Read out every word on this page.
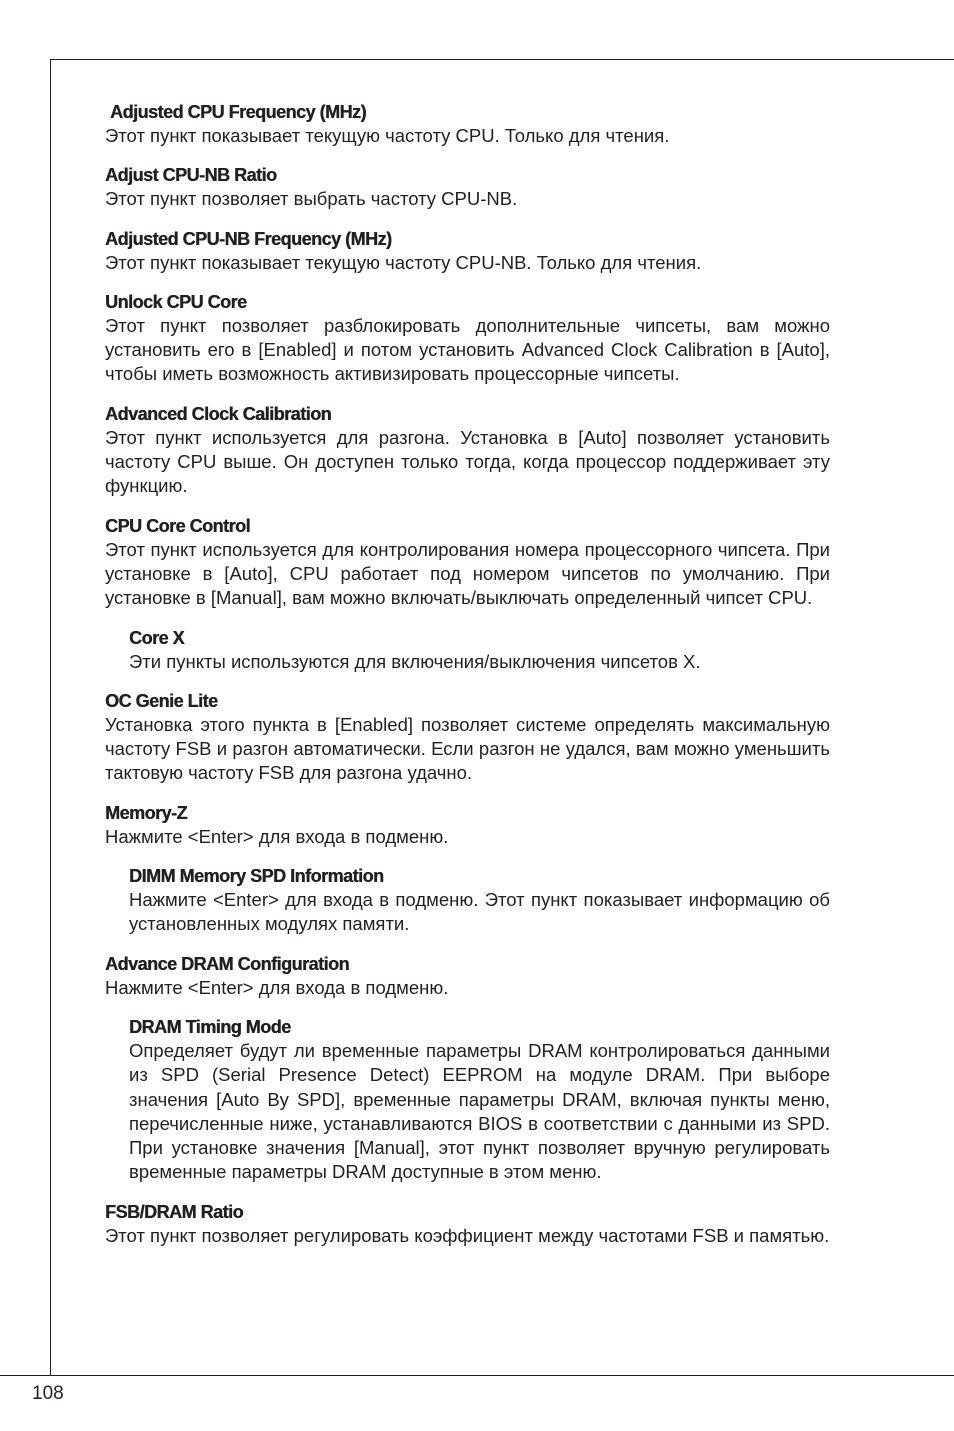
Adjusted CPU Frequency (MHz)

Этот пункт показывает текущую частоту CPU. Только для чтения.

Adjust CPU-NB Ratio

Этот пункт позволяет выбрать частоту CPU-NB.

Adjusted CPU-NB Frequency (MHz)

Этот пункт показывает текущую частоту CPU-NB. Только для чтения.

Unlock CPU Core

Этот пункт позволяет разблокировать дополнительные чипсеты, вам можно установить его в [Enabled] и потом установить Advanced Clock Calibration в [Auto], чтобы иметь возможность активизировать процессорные чипсеты.

Advanced Clock Calibration

Этот пункт используется для разгона. Установка в [Auto] позволяет установить частоту CPU выше. Он доступен только тогда, когда процессор поддерживает эту функцию.

CPU Core Control

Этот пункт используется для контролирования номера процессорного чипсета. При установке в [Auto], CPU работает под номером чипсетов по умолчанию. При установке в [Manual], вам можно включать/выключать определенный чипсет CPU.

Core X

Эти пункты используются для включения/выключения чипсетов X.

OC Genie Lite

Установка этого пункта в [Enabled] позволяет системе определять максимальную частоту FSB и разгон автоматически. Если разгон не удался, вам можно уменьшить тактовую частоту FSB для разгона удачно.

Memory-Z

Нажмите <Enter> для входа в подменю.

DIMM Memory SPD Information

Нажмите <Enter> для входа в подменю. Этот пункт показывает информацию об установленных модулях памяти.

Advance DRAM Configuration

Нажмите <Enter> для входа в подменю.

DRAM Timing Mode

Определяет будут ли временные параметры DRAM контролироваться данными из SPD (Serial Presence Detect) EEPROM на модуле DRAM. При выборе значения [Auto By SPD], временные параметры DRAM, включая пункты меню, перечисленные ниже, устанавливаются BIOS в соответствии с данными из SPD. При установке значения [Manual], этот пункт позволяет вручную регулировать временные параметры DRAM доступные в этом меню.

FSB/DRAM Ratio

Этот пункт позволяет регулировать коэффициент между частотами FSB и памятью.

108
